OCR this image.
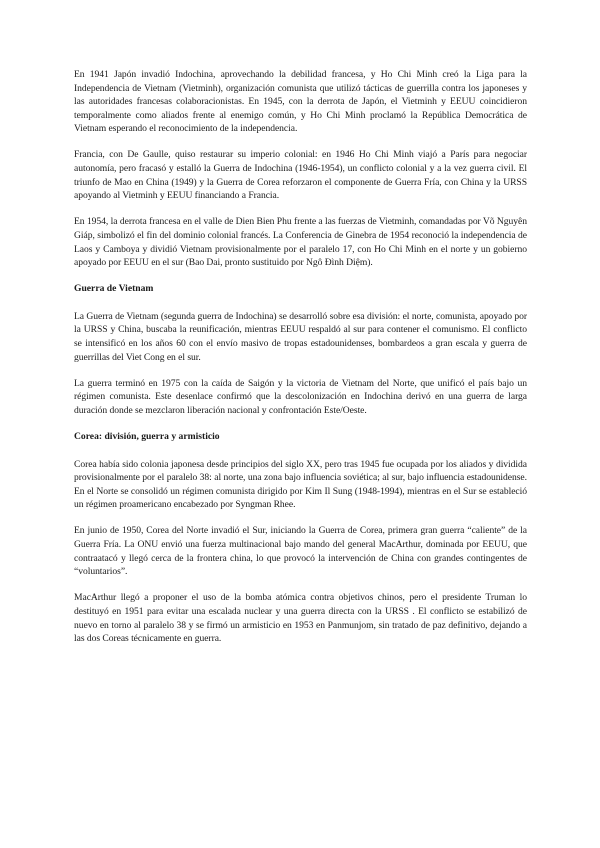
En 1941 Japón invadió Indochina, aprovechando la debilidad francesa, y Ho Chi Minh creó la Liga para la Independencia de Vietnam (Vietminh), organización comunista que utilizó tácticas de guerrilla contra los japoneses y las autoridades francesas colaboracionistas. En 1945, con la derrota de Japón, el Vietminh y EEUU coincidieron temporalmente como aliados frente al enemigo común, y Ho Chi Minh proclamó la República Democrática de Vietnam esperando el reconocimiento de la independencia.

Francia, con De Gaulle, quiso restaurar su imperio colonial: en 1946 Ho Chi Minh viajó a París para negociar autonomía, pero fracasó y estalló la Guerra de Indochina (1946-1954), un conflicto colonial y a la vez guerra civil. El triunfo de Mao en China (1949) y la Guerra de Corea reforzaron el componente de Guerra Fría, con China y la URSS apoyando al Vietminh y EEUU financiando a Francia.

En 1954, la derrota francesa en el valle de Dien Bien Phu frente a las fuerzas de Vietminh, comandadas por Võ Nguyên Giáp, simbolizó el fin del dominio colonial francés. La Conferencia de Ginebra de 1954 reconoció la independencia de Laos y Camboya y dividió Vietnam provisionalmente por el paralelo 17, con Ho Chi Minh en el norte y un gobierno apoyado por EEUU en el sur (Bao Dai, pronto sustituido por Ngô Đình Diệm).

Guerra de Vietnam

La Guerra de Vietnam (segunda guerra de Indochina) se desarrolló sobre esa división: el norte, comunista, apoyado por la URSS y China, buscaba la reunificación, mientras EEUU respaldó al sur para contener el comunismo. El conflicto se intensificó en los años 60 con el envío masivo de tropas estadounidenses, bombardeos a gran escala y guerra de guerrillas del Viet Cong en el sur.

La guerra terminó en 1975 con la caída de Saigón y la victoria de Vietnam del Norte, que unificó el país bajo un régimen comunista. Este desenlace confirmó que la descolonización en Indochina derivó en una guerra de larga duración donde se mezclaron liberación nacional y confrontación Este/Oeste.

Corea: división, guerra y armisticio

Corea había sido colonia japonesa desde principios del siglo XX, pero tras 1945 fue ocupada por los aliados y dividida provisionalmente por el paralelo 38: al norte, una zona bajo influencia soviética; al sur, bajo influencia estadounidense. En el Norte se consolidó un régimen comunista dirigido por Kim Il Sung (1948-1994), mientras en el Sur se estableció un régimen proamericano encabezado por Syngman Rhee.

En junio de 1950, Corea del Norte invadió el Sur, iniciando la Guerra de Corea, primera gran guerra “caliente” de la Guerra Fría. La ONU envió una fuerza multinacional bajo mando del general MacArthur, dominada por EEUU, que contraatacó y llegó cerca de la frontera china, lo que provocó la intervención de China con grandes contingentes de “voluntarios”.

MacArthur llegó a proponer el uso de la bomba atómica contra objetivos chinos, pero el presidente Truman lo destituyó en 1951 para evitar una escalada nuclear y una guerra directa con la URSS . El conflicto se estabilizó de nuevo en torno al paralelo 38 y se firmó un armisticio en 1953 en Panmunjom, sin tratado de paz definitivo, dejando a las dos Coreas técnicamente en guerra.
